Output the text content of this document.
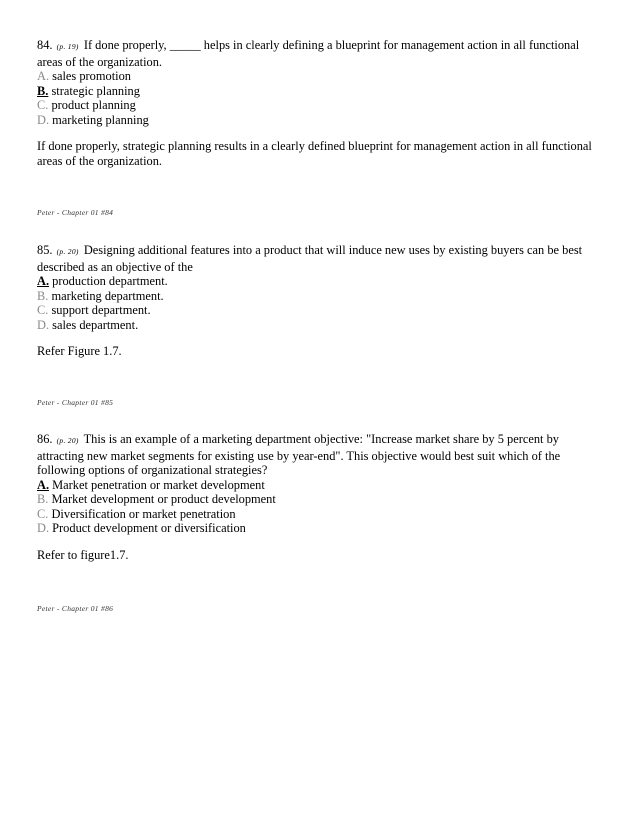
84. (p. 19) If done properly, _____ helps in clearly defining a blueprint for management action in all functional areas of the organization.
A. sales promotion
B. strategic planning
C. product planning
D. marketing planning
If done properly, strategic planning results in a clearly defined blueprint for management action in all functional areas of the organization.
Peter - Chapter 01 #84
85. (p. 20) Designing additional features into a product that will induce new uses by existing buyers can be best described as an objective of the
A. production department.
B. marketing department.
C. support department.
D. sales department.
Refer Figure 1.7.
Peter - Chapter 01 #85
86. (p. 20) This is an example of a marketing department objective: "Increase market share by 5 percent by attracting new market segments for existing use by year-end". This objective would best suit which of the following options of organizational strategies?
A. Market penetration or market development
B. Market development or product development
C. Diversification or market penetration
D. Product development or diversification
Refer to figure1.7.
Peter - Chapter 01 #86
